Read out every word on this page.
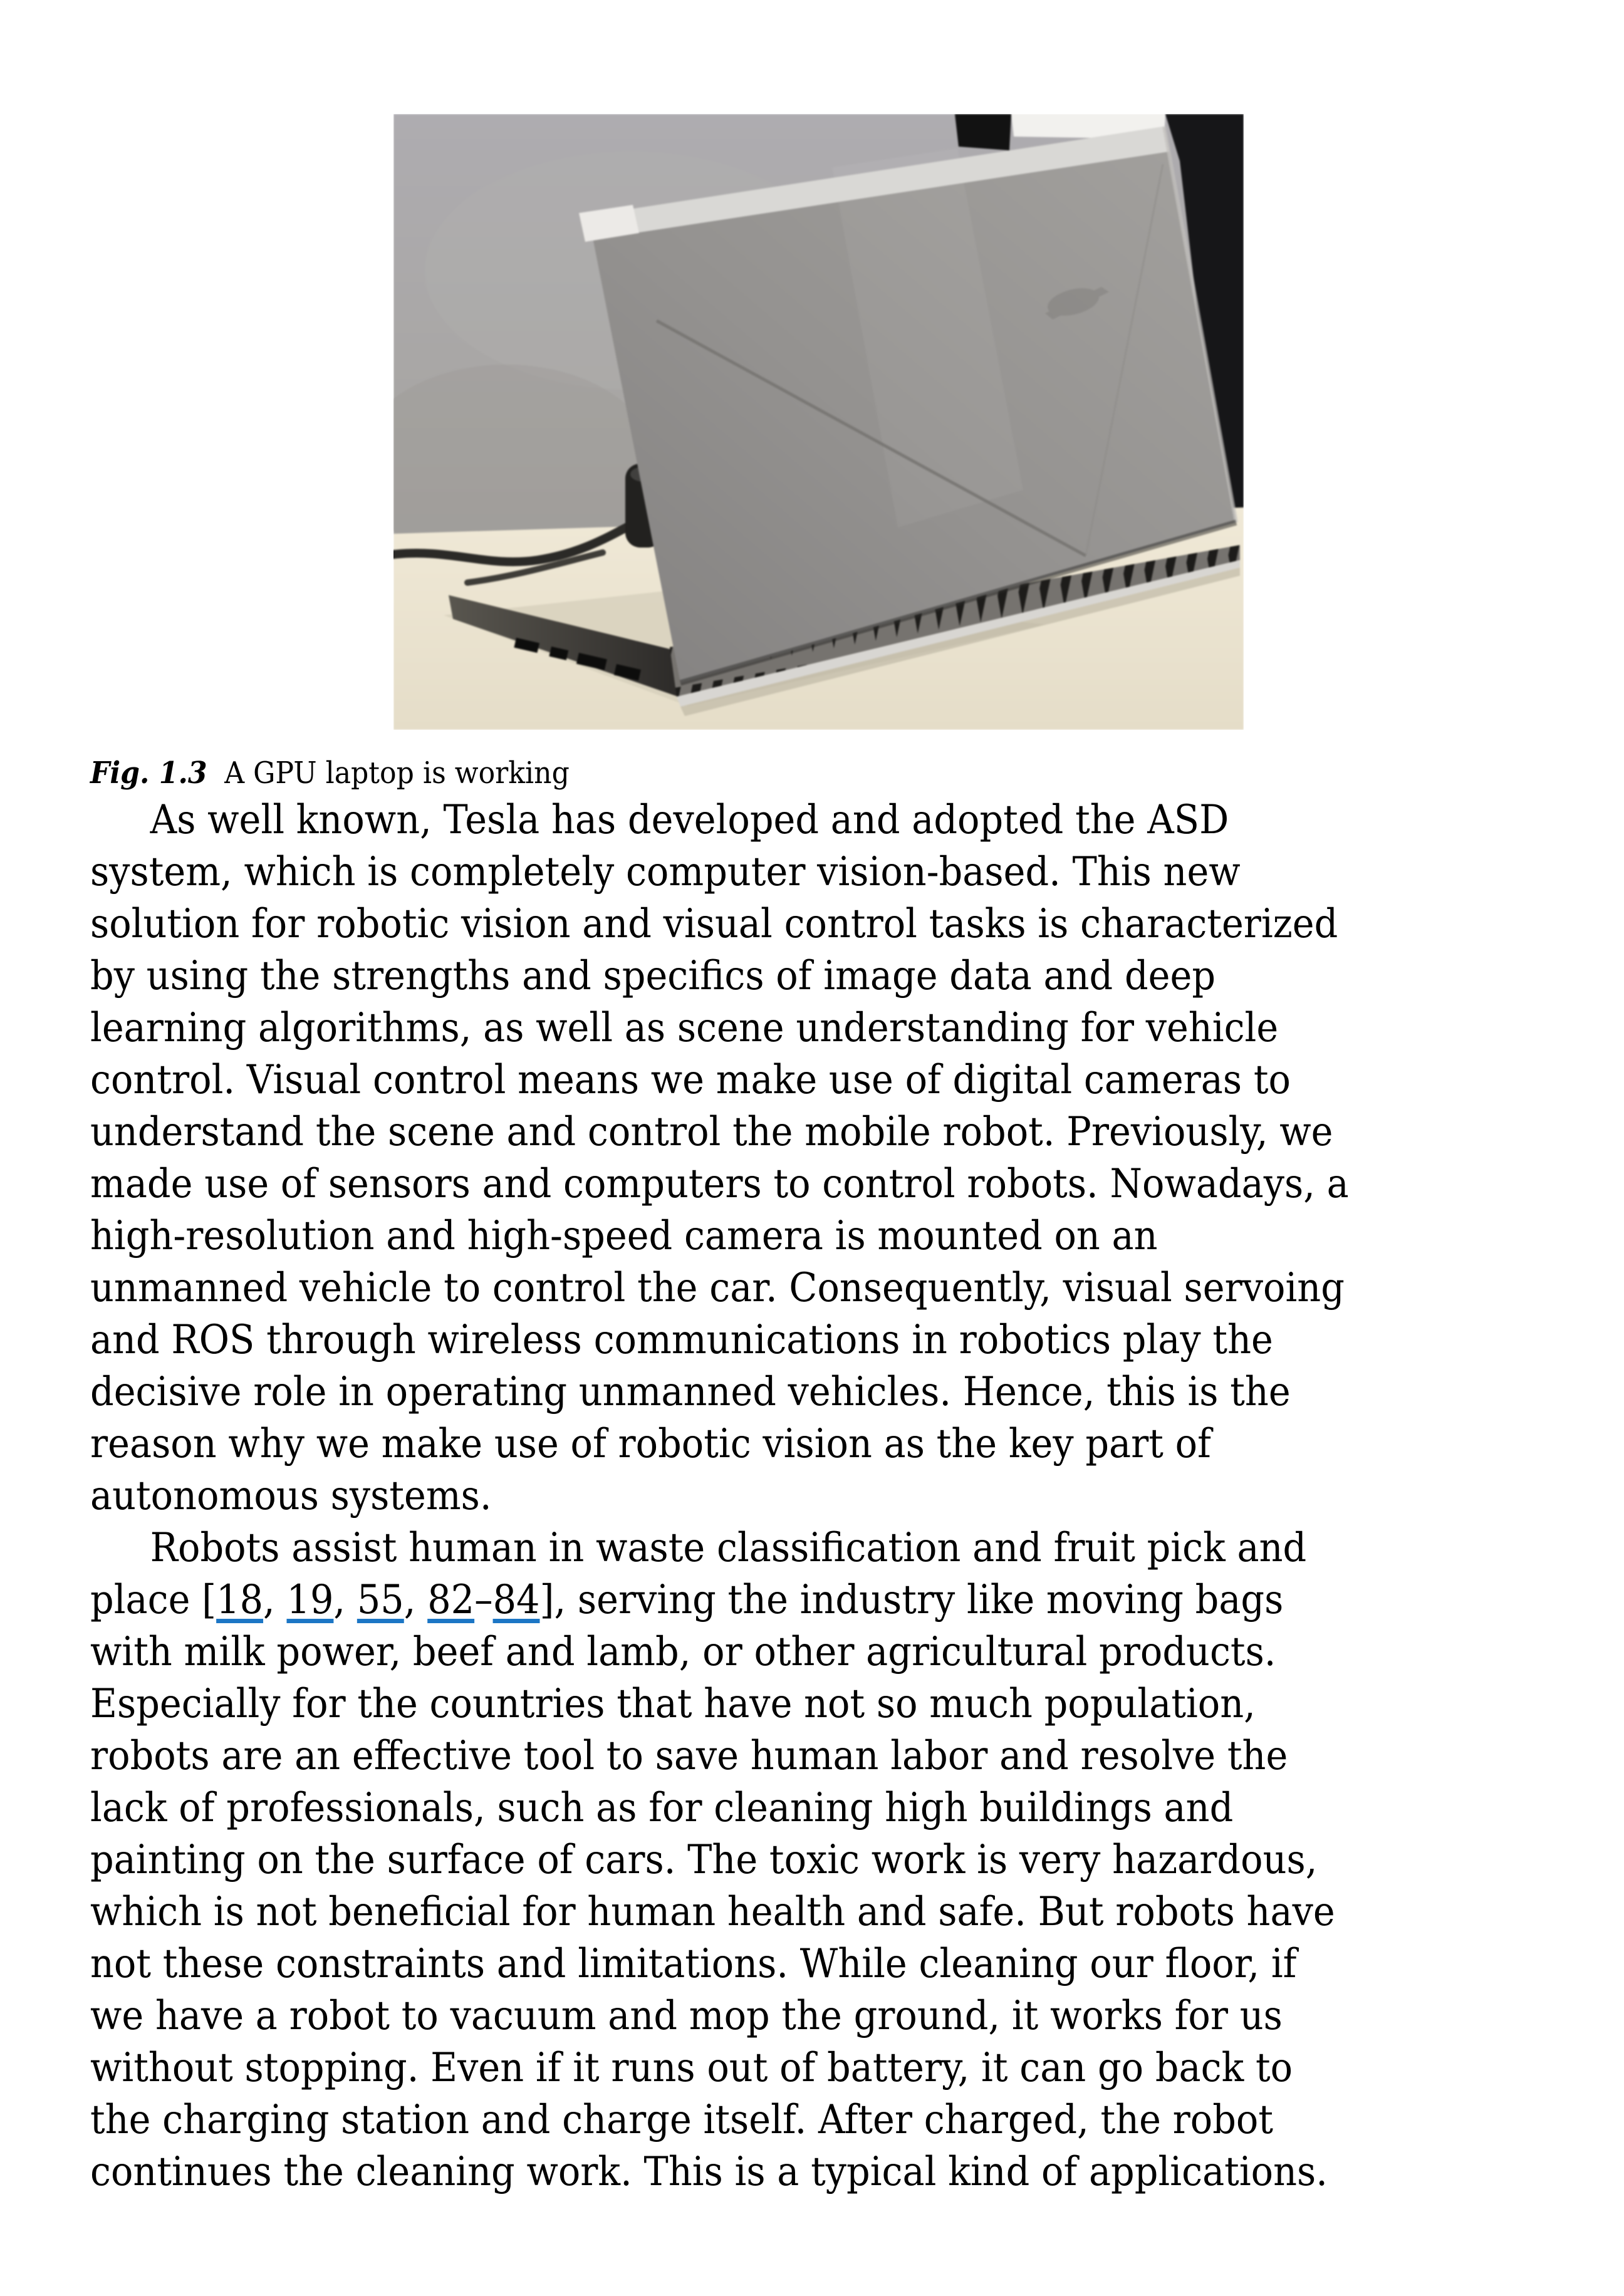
Fig. 1.3 A GPU laptop is working
As well known, Tesla has developed and adopted the ASD
system, which is completely computer vision-based. This new
solution for robotic vision and visual control tasks is characterized
by using the strengths and specifics of image data and deep
learning algorithms, as well as scene understanding for vehicle
control. Visual control means we make use of digital cameras to
understand the scene and control the mobile robot. Previously, we
made use of sensors and computers to control robots. Nowadays, a
high-resolution and high-speed camera is mounted on an
unmanned vehicle to control the car. Consequently, visual servoing
and ROS through wireless communications in robotics play the
decisive role in operating unmanned vehicles. Hence, this is the
reason why we make use of robotic vision as the key part of
autonomous systems.
Robots assist human in waste classification and fruit pick and
place [18, 19, 55, 82–84], serving the industry like moving bags
with milk power, beef and lamb, or other agricultural products.
Especially for the countries that have not so much population,
robots are an effective tool to save human labor and resolve the
lack of professionals, such as for cleaning high buildings and
painting on the surface of cars. The toxic work is very hazardous,
which is not beneficial for human health and safe. But robots have
not these constraints and limitations. While cleaning our floor, if
we have a robot to vacuum and mop the ground, it works for us
without stopping. Even if it runs out of battery, it can go back to
the charging station and charge itself. After charged, the robot
continues the cleaning work. This is a typical kind of applications.
